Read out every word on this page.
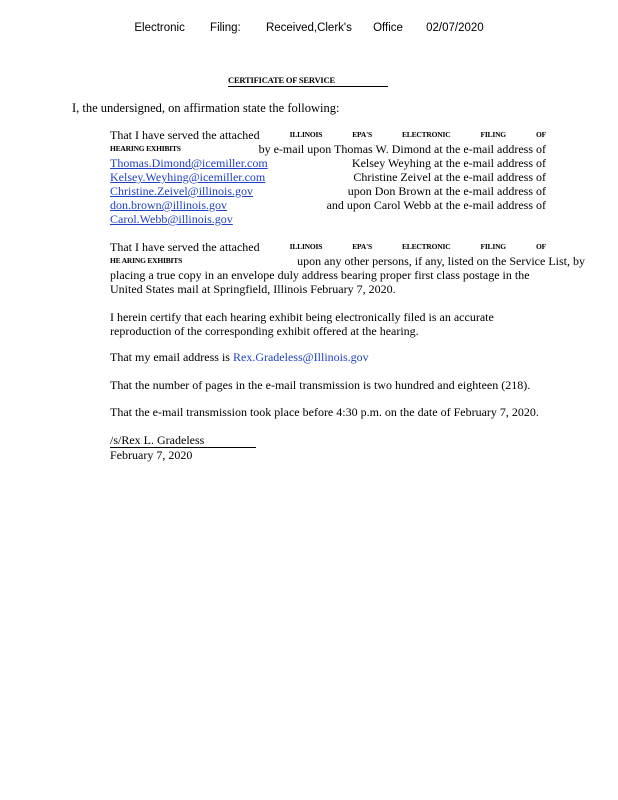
Electronic Filing: Received,Clerk's Office 02/07/2020
CERTIFICATE OF SERVICE
I, the undersigned, on affirmation state the following:
That I have served the attached	ILLINOIS	EPA'S	ELECTRONIC	FILING	OF
HEARING EXHIBITS	by e-mail upon Thomas W. Dimond at the e-mail address of
Thomas.Dimond@icemiller.com	Kelsey Weyhing at the e-mail address of
Kelsey.Weyhing@icemiller.com	Christine Zeivel at the e-mail address of
Christine.Zeivel@illinois.gov	upon Don Brown at the e-mail address of
don.brown@illinois.gov	and upon Carol Webb at the e-mail address of
Carol.Webb@illinois.gov
That I have served the attached	ILLINOIS	EPA'S	ELECTRONIC	FILING	OF
HE ARING EXHIBITS	upon any other persons, if any, listed on the Service List, by
placing a true copy in an envelope duly address bearing proper first class postage in the
United States mail at Springfield, Illinois February 7, 2020.
I herein certify that each hearing exhibit being electronically filed is an accurate reproduction of the corresponding exhibit offered at the hearing.
That my email address is Rex.Gradeless@Illinois.gov
That the number of pages in the e-mail transmission is two hundred and eighteen (218).
That the e-mail transmission took place before 4:30 p.m. on the date of February 7, 2020.
/s/Rex L. Gradeless
February 7, 2020
